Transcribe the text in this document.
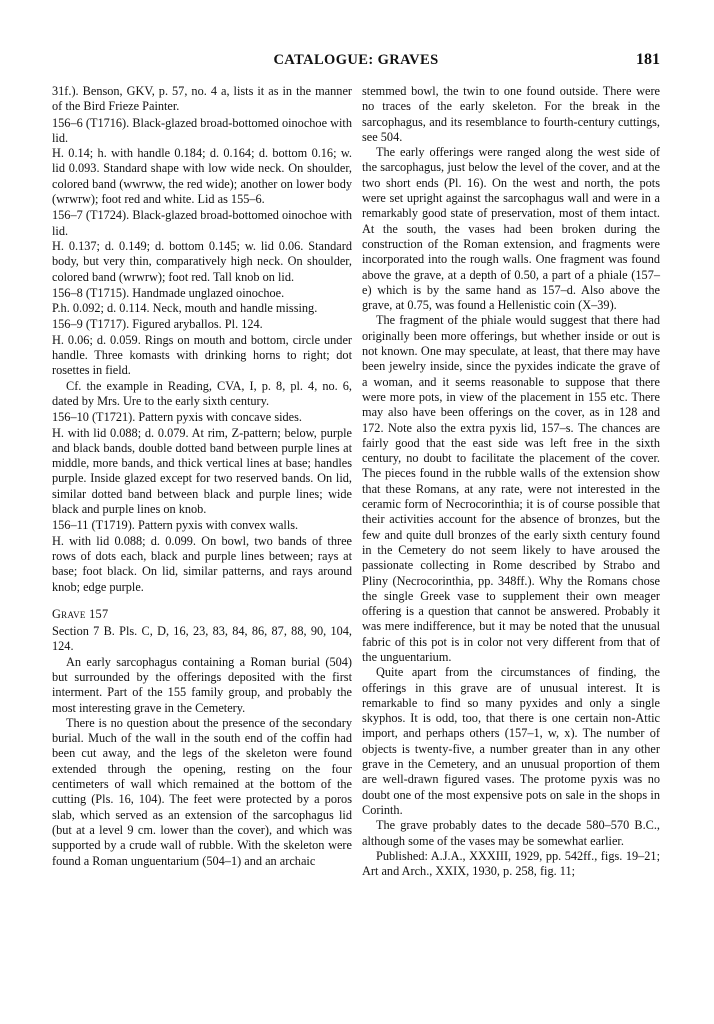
CATALOGUE: GRAVES	181

31f.). Benson, GKV, p. 57, no. 4 a, lists it as in the manner of the Bird Frieze Painter.

156–6 (T1716). Black-glazed broad-bottomed oinochoe with lid.

H. 0.14; h. with handle 0.184; d. 0.164; d. bottom 0.16; w. lid 0.093. Standard shape with low wide neck. On shoulder, colored band (wwrww, the red wide); another on lower body (wrwrw); foot red and white. Lid as 155–6.

156–7 (T1724). Black-glazed broad-bottomed oinochoe with lid.

H. 0.137; d. 0.149; d. bottom 0.145; w. lid 0.06. Standard body, but very thin, comparatively high neck. On shoulder, colored band (wrwrw); foot red. Tall knob on lid.

156–8 (T1715). Handmade unglazed oinochoe.

P.h. 0.092; d. 0.114. Neck, mouth and handle missing.

156–9 (T1717). Figured aryballos. Pl. 124.

H. 0.06; d. 0.059. Rings on mouth and bottom, circle under handle. Three komasts with drinking horns to right; dot rosettes in field.

Cf. the example in Reading, CVA, I, p. 8, pl. 4, no. 6, dated by Mrs. Ure to the early sixth century.

156–10 (T1721). Pattern pyxis with concave sides.

H. with lid 0.088; d. 0.079. At rim, Z-pattern; below, purple and black bands, double dotted band between purple lines at middle, more bands, and thick vertical lines at base; handles purple. Inside glazed except for two reserved bands. On lid, similar dotted band between black and purple lines; wide black and purple lines on knob.

156–11 (T1719). Pattern pyxis with convex walls.

H. with lid 0.088; d. 0.099. On bowl, two bands of three rows of dots each, black and purple lines between; rays at base; foot black. On lid, similar patterns, and rays around knob; edge purple.

Grave 157

Section 7 B. Pls. C, D, 16, 23, 83, 84, 86, 87, 88, 90, 104, 124.

An early sarcophagus containing a Roman burial (504) but surrounded by the offerings deposited with the first interment. Part of the 155 family group, and probably the most interesting grave in the Cemetery.

There is no question about the presence of the secondary burial. Much of the wall in the south end of the coffin had been cut away, and the legs of the skeleton were found extended through the opening, resting on the four centimeters of wall which remained at the bottom of the cutting (Pls. 16, 104). The feet were protected by a poros slab, which served as an extension of the sarcophagus lid (but at a level 9 cm. lower than the cover), and which was supported by a crude wall of rubble. With the skeleton were found a Roman unguentarium (504–1) and an archaic

stemmed bowl, the twin to one found outside. There were no traces of the early skeleton. For the break in the sarcophagus, and its resemblance to fourth-century cuttings, see 504.

The early offerings were ranged along the west side of the sarcophagus, just below the level of the cover, and at the two short ends (Pl. 16). On the west and north, the pots were set upright against the sarcophagus wall and were in a remarkably good state of preservation, most of them intact. At the south, the vases had been broken during the construction of the Roman extension, and fragments were incorporated into the rough walls. One fragment was found above the grave, at a depth of 0.50, a part of a phiale (157–e) which is by the same hand as 157–d. Also above the grave, at 0.75, was found a Hellenistic coin (X–39).

The fragment of the phiale would suggest that there had originally been more offerings, but whether inside or out is not known. One may speculate, at least, that there may have been jewelry inside, since the pyxides indicate the grave of a woman, and it seems reasonable to suppose that there were more pots, in view of the placement in 155 etc. There may also have been offerings on the cover, as in 128 and 172. Note also the extra pyxis lid, 157–s. The chances are fairly good that the east side was left free in the sixth century, no doubt to facilitate the placement of the cover. The pieces found in the rubble walls of the extension show that these Romans, at any rate, were not interested in the ceramic form of Necrocorinthia; it is of course possible that their activities account for the absence of bronzes, but the few and quite dull bronzes of the early sixth century found in the Cemetery do not seem likely to have aroused the passionate collecting in Rome described by Strabo and Pliny (Necrocorinthia, pp. 348ff.). Why the Romans chose the single Greek vase to supplement their own meager offering is a question that cannot be answered. Probably it was mere indifference, but it may be noted that the unusual fabric of this pot is in color not very different from that of the unguentarium.

Quite apart from the circumstances of finding, the offerings in this grave are of unusual interest. It is remarkable to find so many pyxides and only a single skyphos. It is odd, too, that there is one certain non-Attic import, and perhaps others (157–1, w, x). The number of objects is twenty-five, a number greater than in any other grave in the Cemetery, and an unusual proportion of them are well-drawn figured vases. The protome pyxis was no doubt one of the most expensive pots on sale in the shops in Corinth.

The grave probably dates to the decade 580–570 B.C., although some of the vases may be somewhat earlier.

Published: A.J.A., XXXIII, 1929, pp. 542ff., figs. 19–21; Art and Arch., XXIX, 1930, p. 258, fig. 11;
